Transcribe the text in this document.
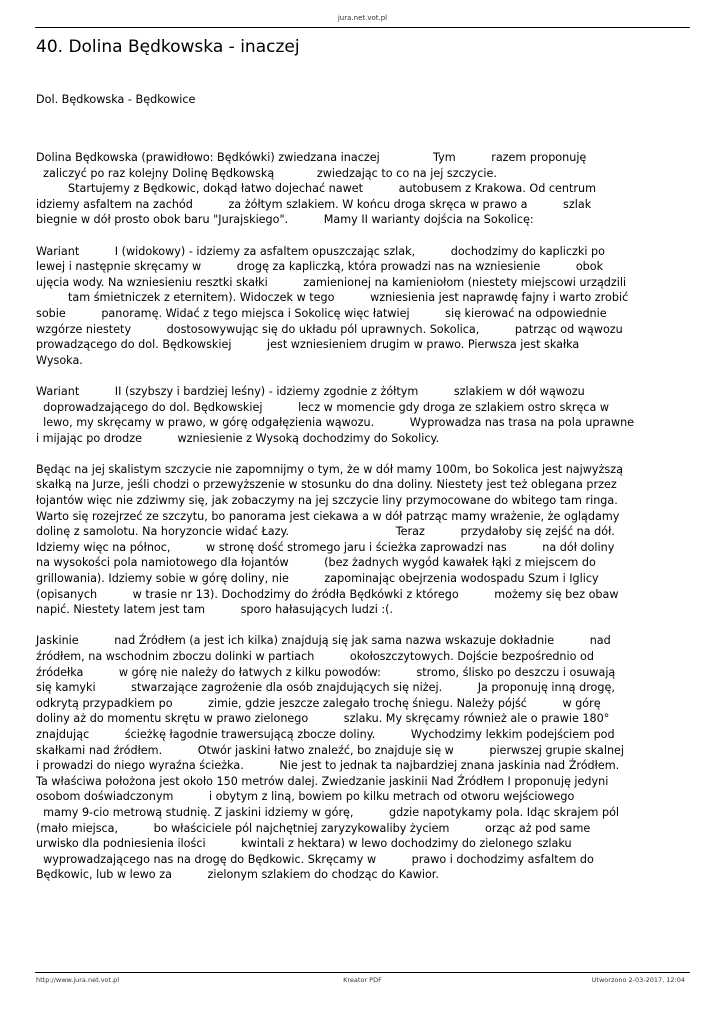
jura.net.vot.pl
40. Dolina Będkowska - inaczej
Dol. Będkowska - Będkowice
Dolina Będkowska (prawidłowo: Będkówki) zwiedzana inaczej               Tym          razem proponuję
zaliczyć po raz kolejny Dolinę Będkowską            zwiedzając to co na jej szczycie.
Startujemy z Będkowic, dokąd łatwo dojechać nawet          autobusem z Krakowa. Od centrum
idziemy asfaltem na zachód          za żółtym szlakiem. W końcu droga skręca w prawo a          szlak
biegnie w dół prosto obok baru "Jurajskiego".          Mamy II warianty dojścia na Sokolicę:
Wariant          I (widokowy) - idziemy za asfaltem opuszczając szlak,          dochodzimy do kapliczki po
lewej i następnie skręcamy w          drogę za kapliczką, która prowadzi nas na wzniesienie          obok
ujęcia wody. Na wzniesieniu resztki skałki          zamienionej na kamieniołom (niestety miejscowi urządzili
tam śmietniczek z eternitem). Widoczek w tego          wzniesienia jest naprawdę fajny i warto zrobić
sobie          panoramę. Widać z tego miejsca i Sokolicę więc łatwiej          się kierować na odpowiednie
wzgórze niestety          dostosowywując się do układu pól uprawnych. Sokolica,          patrząc od wąwozu
prowadzącego do dol. Będkowskiej          jest wzniesieniem drugim w prawo. Pierwsza jest skałka
Wysoka.
Wariant          II (szybszy i bardziej leśny) - idziemy zgodnie z żółtym          szlakiem w dół wąwozu
doprowadzającego do dol. Będkowskiej          lecz w momencie gdy droga ze szlakiem ostro skręca w
lewo, my skręcamy w prawo, w górę odgałęzienia wąwozu.          Wyprowadza nas trasa na pola uprawne
i mijając po drodze          wzniesienie z Wysoką dochodzimy do Sokolicy.
Będąc na jej skalistym szczycie nie zapomnijmy o tym, że w dół mamy 100m, bo Sokolica jest najwyższą
skałką na Jurze, jeśli chodzi o przewyższenie w stosunku do dna doliny. Niestety jest też oblegana przez
łojantów więc nie zdziwmy się, jak zobaczymy na jej szczycie liny przymocowane do wbitego tam ringa.
Warto się rozejrzeć ze szczytu, bo panorama jest ciekawa a w dół patrząc mamy wrażenie, że oglądamy
dolinę z samolotu. Na horyzoncie widać Łazy.                              Teraz          przydałoby się zejść na dół.
Idziemy więc na północ,          w stronę dość stromego jaru i ścieżka zaprowadzi nas          na dół doliny
na wysokości pola namiotowego dla łojantów          (bez żadnych wygód kawałek łąki z miejscem do
grillowania). Idziemy sobie w górę doliny, nie          zapominając obejrzenia wodospadu Szum i Iglicy
(opisanych          w trasie nr 13). Dochodzimy do źródła Będkówki z którego          możemy się bez obaw
napić. Niestety latem jest tam          sporo hałasujących ludzi :(.
Jaskinie          nad Źródłem (a jest ich kilka) znajdują się jak sama nazwa wskazuje dokładnie          nad
źródłem, na wschodnim zboczu dolinki w partiach          okołoszczytowych. Dojście bezpośrednio od
źródełka          w górę nie należy do łatwych z kilku powodów:          stromo, ślisko po deszczu i osuwają
się kamyki          stwarzające zagrożenie dla osób znajdujących się niżej.          Ja proponuję inną drogę,
odkrytą przypadkiem po          zimie, gdzie jeszcze zalegało trochę śniegu. Należy pójść          w górę
doliny aż do momentu skrętu w prawo zielonego          szlaku. My skręcamy również ale o prawie 180°
znajdując          ścieżkę łagodnie trawersującą zbocze doliny.          Wychodzimy lekkim podejściem pod
skałkami nad źródłem.          Otwór jaskini łatwo znaleźć, bo znajduje się w          pierwszej grupie skalnej
i prowadzi do niego wyraźna ścieżka.          Nie jest to jednak ta najbardziej znana jaskinia nad Źródłem.
Ta właściwa położona jest około 150 metrów dalej. Zwiedzanie jaskinii Nad Źródłem I proponuję jedyni
osobom doświadczonym          i obytym z liną, bowiem po kilku metrach od otworu wejściowego
mamy 9-cio metrową studnię. Z jaskini idziemy w górę,          gdzie napotykamy pola. Idąc skrajem pól
(mało miejsca,          bo właściciele pól najchętniej zaryzykowaliby życiem          orząc aż pod same
urwisko dla podniesienia ilości          kwintali z hektara) w lewo dochodzimy do zielonego szlaku
wyprowadzającego nas na drogę do Będkowic. Skręcamy w          prawo i dochodzimy asfaltem do
Będkowic, lub w lewo za          zielonym szlakiem do chodząc do Kawior.
http://www.jura.net.vot.pl	Kreator PDF	Utworzono 2-03-2017, 12:04
